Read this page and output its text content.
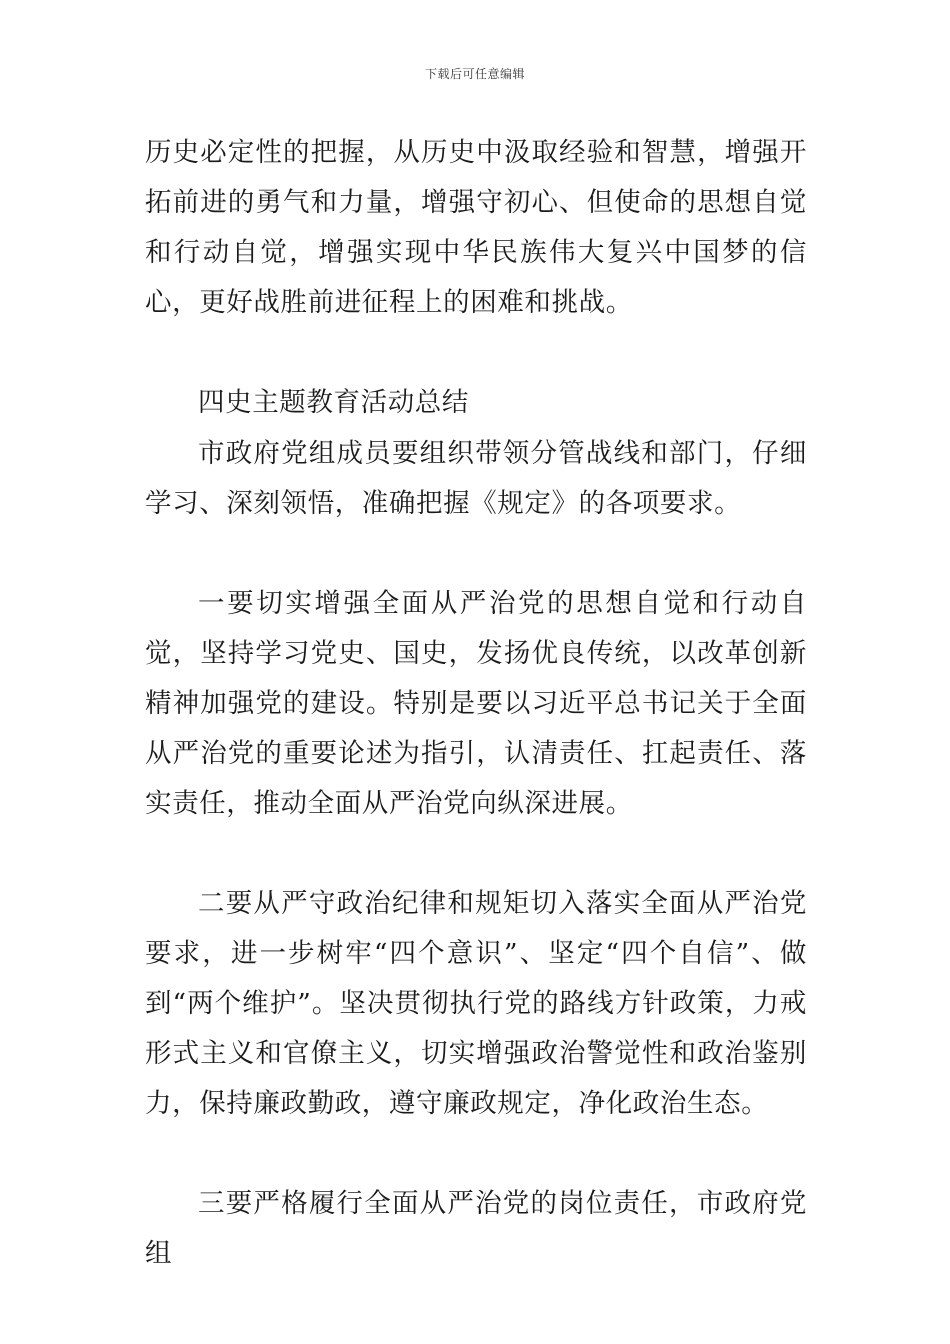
下载后可任意编辑

历史必定性的把握，从历史中汲取经验和智慧，增强开拓前进的勇气和力量，增强守初心、但使命的思想自觉和行动自觉，增强实现中华民族伟大复兴中国梦的信心，更好战胜前进征程上的困难和挑战。

四史主题教育活动总结

市政府党组成员要组织带领分管战线和部门，仔细学习、深刻领悟，准确把握《规定》的各项要求。

一要切实增强全面从严治党的思想自觉和行动自觉，坚持学习党史、国史，发扬优良传统，以改革创新精神加强党的建设。特别是要以习近平总书记关于全面从严治党的重要论述为指引，认清责任、扛起责任、落实责任，推动全面从严治党向纵深进展。

二要从严守政治纪律和规矩切入落实全面从严治党要求，进一步树牢“四个意识”、坚定“四个自信”、做到“两个维护”。坚决贯彻执行党的路线方针政策，力戒形式主义和官僚主义，切实增强政治警觉性和政治鉴别力，保持廉政勤政，遵守廉政规定，净化政治生态。

三要严格履行全面从严治党的岗位责任，市政府党组
